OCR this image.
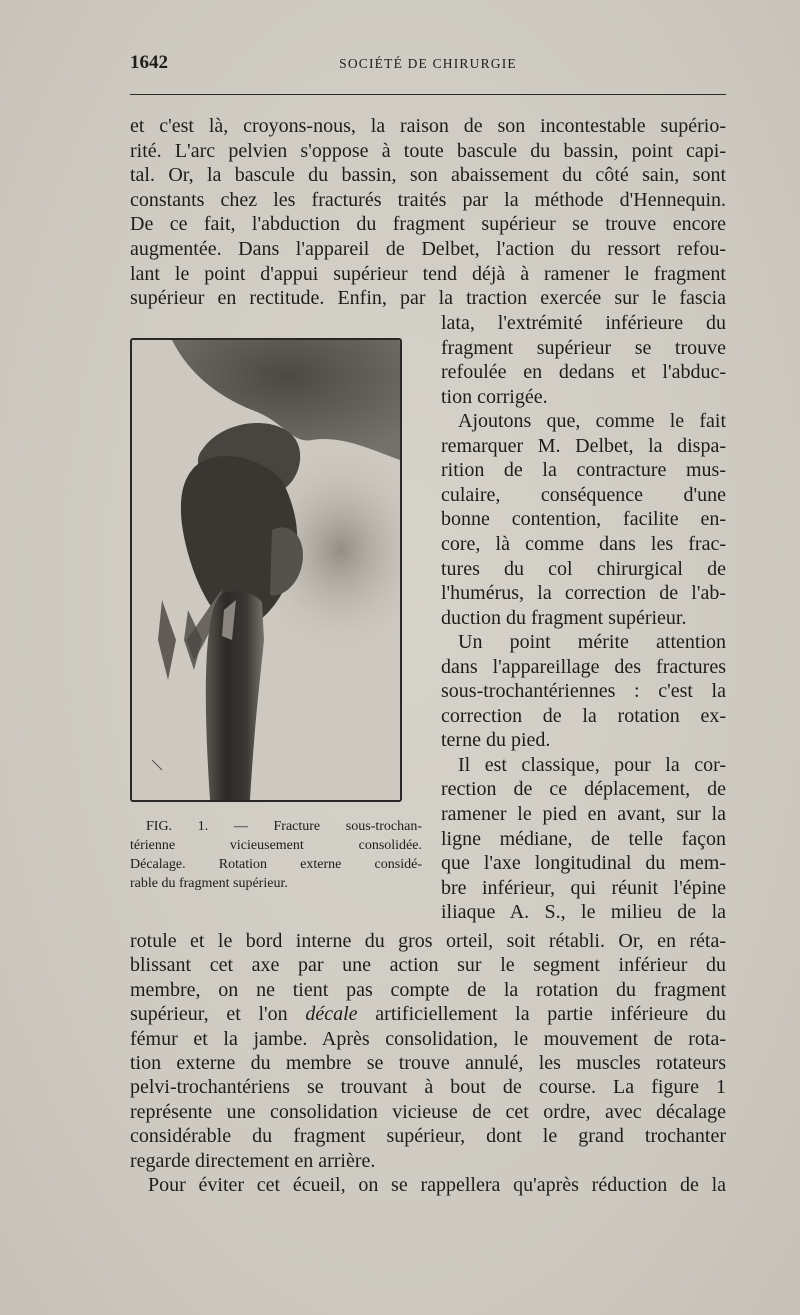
1642	SOCIÉTÉ DE CHIRURGIE
et c'est là, croyons-nous, la raison de son incontestable supério-
rité. L'arc pelvien s'oppose à toute bascule du bassin, point capi-
tal. Or, la bascule du bassin, son abaissement du côté sain, sont
constants chez les fracturés traités par la méthode d'Hennequin.
De ce fait, l'abduction du fragment supérieur se trouve encore
augmentée. Dans l'appareil de Delbet, l'action du ressort refou-
lant le point d'appui supérieur tend déjà à ramener le fragment
supérieur en rectitude. Enfin, par la traction exercée sur le fascia
lata, l'extrémité inférieure du
fragment supérieur se trouve
refoulée en dedans et l'abduc-
tion corrigée.
Ajoutons que, comme le fait
remarquer M. Delbet, la dispa-
rition de la contracture mus-
culaire, conséquence d'une
bonne contention, facilite en-
core, là comme dans les frac-
tures du col chirurgical de
l'humérus, la correction de l'ab-
duction du fragment supérieur.
Un point mérite attention
dans l'appareillage des fractures
sous-trochantériennes : c'est la
correction de la rotation ex-
terne du pied.
Il est classique, pour la cor-
rection de ce déplacement, de
ramener le pied en avant, sur la
ligne médiane, de telle façon
que l'axe longitudinal du mem-
bre inférieur, qui réunit l'épine
iliaque A. S., le milieu de la
rotule et le bord interne du gros orteil, soit rétabli. Or, en réta-
blissant cet axe par une action sur le segment inférieur du
membre, on ne tient pas compte de la rotation du fragment
supérieur, et l'on décale artificiellement la partie inférieure du
fémur et la jambe. Après consolidation, le mouvement de rota-
tion externe du membre se trouve annulé, les muscles rotateurs
pelvi-trochantériens se trouvant à bout de course. La figure 1
représente une consolidation vicieuse de cet ordre, avec décalage
considérable du fragment supérieur, dont le grand trochanter
regarde directement en arrière.
Pour éviter cet écueil, on se rappellera qu'après réduction de la
FIG. 1. — Fracture sous-trochan-
térienne vicieusement consolidée.
Décalage. Rotation externe considé-
rable du fragment supérieur.
